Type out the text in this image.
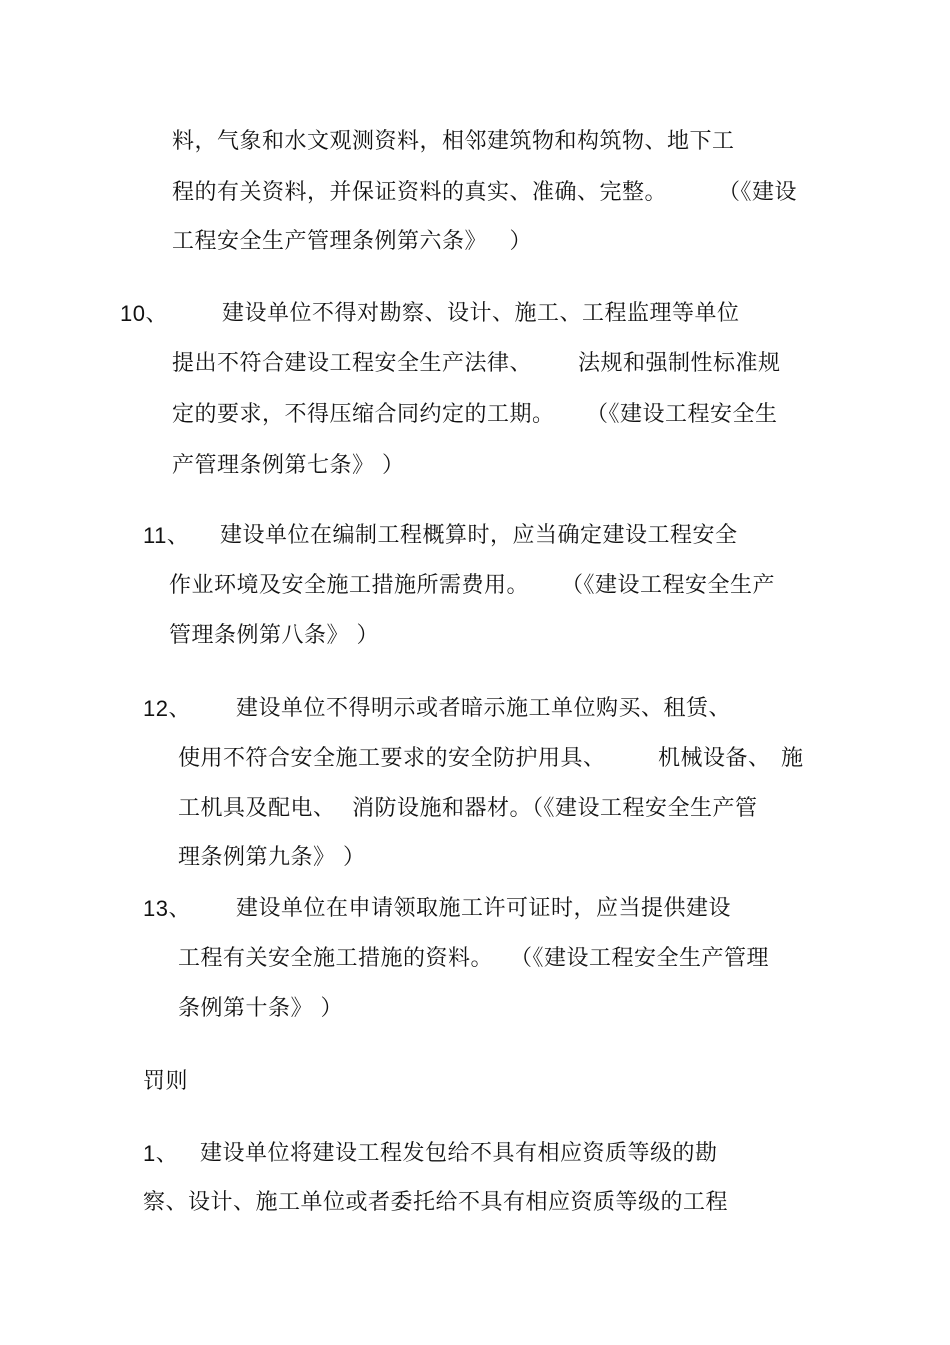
料，气象和水文观测资料，相邻建筑物和构筑物、地下工
程的有关资料，并保证资料的真实、准确、完整。 （《建设
工程安全生产管理条例第六条》   ）
10、 建设单位不得对勘察、设计、施工、工程监理等单位
提出不符合建设工程安全生产法律、 法规和强制性标准规
定的要求，不得压缩合同约定的工期。 （《建设工程安全生
产管理条例第七条》 ）
11、 建设单位在编制工程概算时，应当确定建设工程安全
作业环境及安全施工措施所需费用。 （《建设工程安全生产
管理条例第八条》 ）
12、 建设单位不得明示或者暗示施工单位购买、租赁、
使用不符合安全施工要求的安全防护用具、 机械设备、 施
工机具及配电、 消防设施和器材。（《建设工程安全生产管
理条例第九条》 ）
13、 建设单位在申请领取施工许可证时，应当提供建设
工程有关安全施工措施的资料。 （《建设工程安全生产管理
条例第十条》 ）
罚则
1、 建设单位将建设工程发包给不具有相应资质等级的勘
察、设计、施工单位或者委托给不具有相应资质等级的工程
